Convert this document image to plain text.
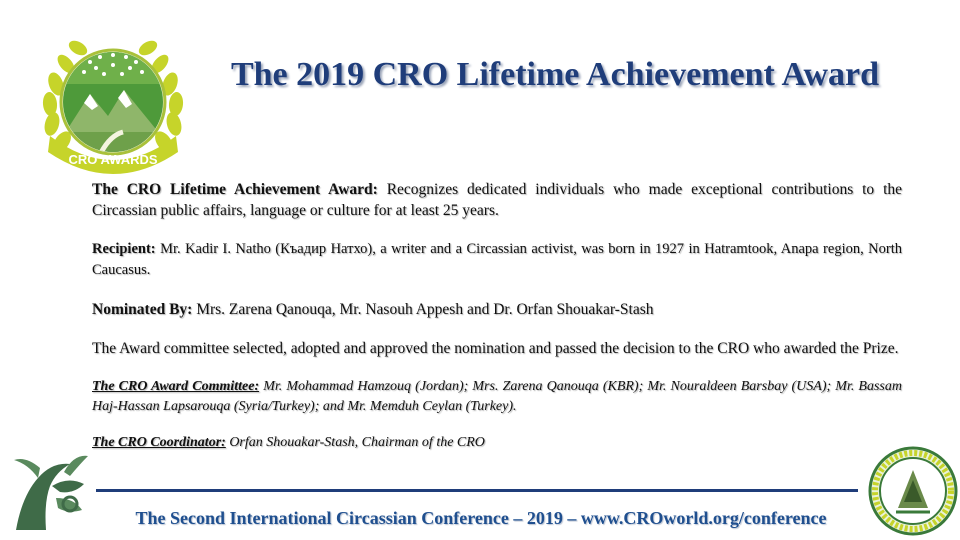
CRO AWARDS
The 2019 CRO Lifetime Achievement Award

The CRO Lifetime Achievement Award: Recognizes dedicated individuals who made exceptional contributions to the Circassian public affairs, language or culture for at least 25 years.

Recipient: Mr. Kadir I. Natho (Къадир Натхо), a writer and a Circassian activist, was born in 1927 in Hatramtook, Anapa region, North Caucasus.

Nominated By: Mrs. Zarena Qanouqa, Mr. Nasouh Appesh and Dr. Orfan Shouakar-Stash

The Award committee selected, adopted and approved the nomination and passed the decision to the CRO who awarded the Prize.

The CRO Award Committee: Mr. Mohammad Hamzouq (Jordan); Mrs. Zarena Qanouqa (KBR); Mr. Nouraldeen Barsbay (USA); Mr. Bassam Haj-Hassan Lapsarouqa (Syria/Turkey); and Mr. Memduh Ceylan (Turkey).

The CRO Coordinator: Orfan Shouakar-Stash, Chairman of the CRO

The Second International Circassian Conference – 2019 – www.CROworld.org/conference
